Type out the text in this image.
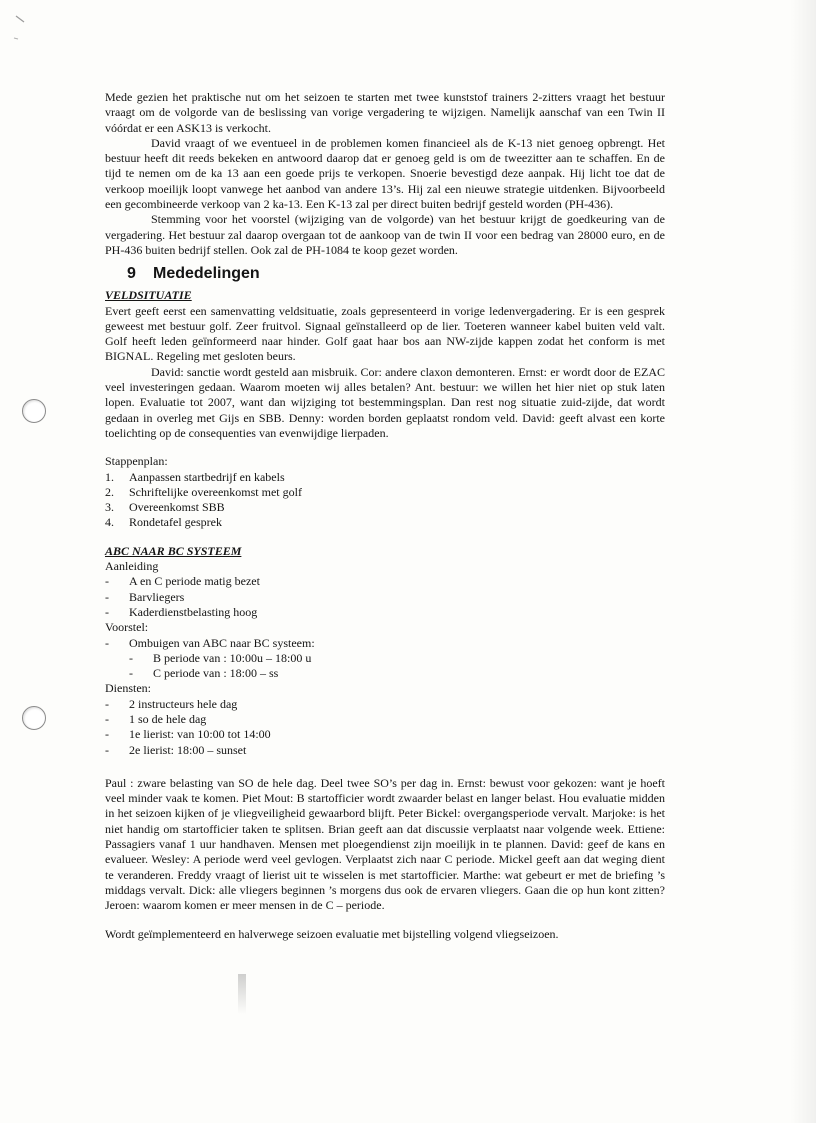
Mede gezien het praktische nut om het seizoen te starten met twee kunststof trainers 2-zitters vraagt het bestuur vraagt om de volgorde van de beslissing van vorige vergadering te wijzigen. Namelijk aanschaf van een Twin II vóórdat er een ASK13 is verkocht.

David vraagt of we eventueel in de problemen komen financieel als de K-13 niet genoeg opbrengt. Het bestuur heeft dit reeds bekeken en antwoord daarop dat er genoeg geld is om de tweezitter aan te schaffen. En de tijd te nemen om de ka 13 aan een goede prijs te verkopen. Snoerie bevestigd deze aanpak. Hij licht toe dat de verkoop moeilijk loopt vanwege het aanbod van andere 13’s. Hij zal een nieuwe strategie uitdenken. Bijvoorbeeld een gecombineerde verkoop van 2 ka-13. Een K-13 zal per direct buiten bedrijf gesteld worden (PH-436).

Stemming voor het voorstel (wijziging van de volgorde) van het bestuur krijgt de goedkeuring van de vergadering. Het bestuur zal daarop overgaan tot de aankoop van de twin II voor een bedrag van 28000 euro, en de PH-436 buiten bedrijf stellen. Ook zal de PH-1084 te koop gezet worden.

9 Mededelingen
VELDSITUATIE

Evert geeft eerst een samenvatting veldsituatie, zoals gepresenteerd in vorige ledenvergadering. Er is een gesprek geweest met bestuur golf. Zeer fruitvol. Signaal geïnstalleerd op de lier. Toeteren wanneer kabel buiten veld valt. Golf heeft leden geïnformeerd naar hinder. Golf gaat haar bos aan NW-zijde kappen zodat het conform is met BIGNAL. Regeling met gesloten beurs.

David: sanctie wordt gesteld aan misbruik. Cor: andere claxon demonteren. Ernst: er wordt door de EZAC veel investeringen gedaan. Waarom moeten wij alles betalen? Ant. bestuur: we willen het hier niet op stuk laten lopen. Evaluatie tot 2007, want dan wijziging tot bestemmingsplan. Dan rest nog situatie zuid-zijde, dat wordt gedaan in overleg met Gijs en SBB. Denny: worden borden geplaatst rondom veld. David: geeft alvast een korte toelichting op de consequenties van evenwijdige lierpaden.

Stappenplan:
1.	Aanpassen startbedrijf en kabels
2.	Schriftelijke overeenkomst met golf
3.	Overeenkomst SBB
4.	Rondetafel gesprek
ABC NAAR BC SYSTEEM
Aanleiding
-	A en C periode matig bezet
-	Barvliegers
-	Kaderdienstbelasting hoog
Voorstel:
-	Ombuigen van ABC naar BC systeem:
-	B periode van : 10:00u – 18:00 u
-	C periode van : 18:00 – ss
Diensten:
-	2 instructeurs hele dag
-	1 so de hele dag
-	1e lierist: van 10:00 tot 14:00
-	2e lierist: 18:00 – sunset

Paul : zware belasting van SO de hele dag. Deel twee SO’s per dag in. Ernst: bewust voor gekozen: want je hoeft veel minder vaak te komen. Piet Mout: B startofficier wordt zwaarder belast en langer belast. Hou evaluatie midden in het seizoen kijken of je vliegveiligheid gewaarbord blijft. Peter Bickel: overgangsperiode vervalt. Marjoke: is het niet handig om startofficier taken te splitsen. Brian geeft aan dat discussie verplaatst naar volgende week. Ettiene: Passagiers vanaf 1 uur handhaven. Mensen met ploegendienst zijn moeilijk in te plannen. David: geef de kans en evalueer. Wesley: A periode werd veel gevlogen. Verplaatst zich naar C periode. Mickel geeft aan dat weging dient te veranderen. Freddy vraagt of lierist uit te wisselen is met startofficier. Marthe: wat gebeurt er met de briefing ’s middags vervalt. Dick: alle vliegers beginnen ’s morgens dus ook de ervaren vliegers. Gaan die op hun kont zitten? Jeroen: waarom komen er meer mensen in de C – periode.

Wordt geïmplementeerd en halverwege seizoen evaluatie met bijstelling volgend vliegseizoen.
